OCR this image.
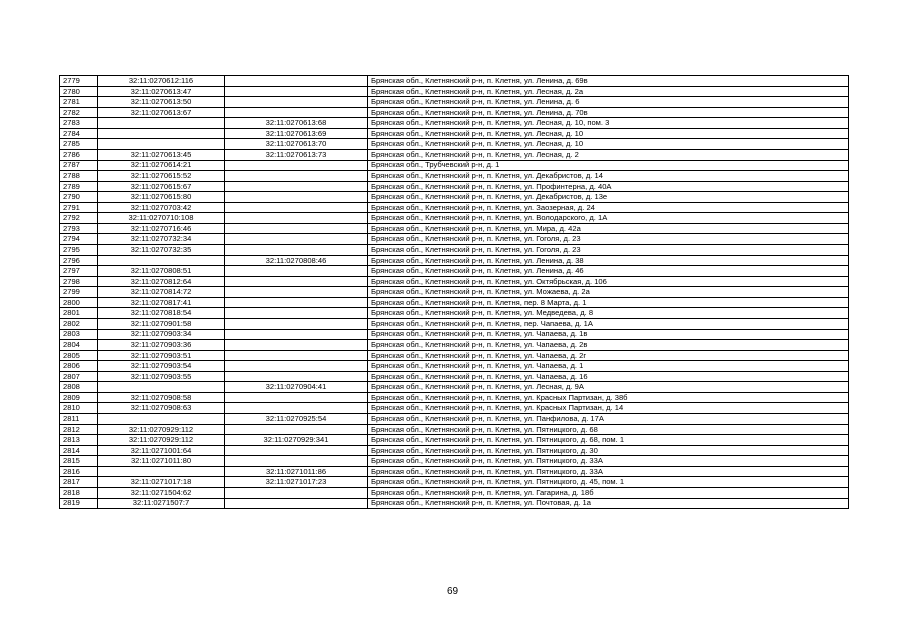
2779	32:11:0270612:116		Брянская обл., Клетнянский р-н, п. Клетня, ул. Ленина, д. 69в
2780	32:11:0270613:47		Брянская обл., Клетнянский р-н, п. Клетня, ул. Лесная, д. 2а
2781	32:11:0270613:50		Брянская обл., Клетнянский р-н, п. Клетня, ул. Ленина, д. 6
2782	32:11:0270613:67		Брянская обл., Клетнянский р-н, п. Клетня, ул. Ленина, д. 70в
2783		32:11:0270613:68	Брянская обл., Клетнянский р-н, п. Клетня, ул. Лесная, д. 10, пом. 3
2784		32:11:0270613:69	Брянская обл., Клетнянский р-н, п. Клетня, ул. Лесная, д. 10
2785		32:11:0270613:70	Брянская обл., Клетнянский р-н, п. Клетня, ул. Лесная, д. 10
2786	32:11:0270613:45	32:11:0270613:73	Брянская обл., Клетнянский р-н, п. Клетня, ул. Лесная, д. 2
2787	32:11:0270614:21		Брянская обл., Трубчевский р-н, д. 1
2788	32:11:0270615:52		Брянская обл., Клетнянский р-н, п. Клетня, ул. Декабристов, д. 14
2789	32:11:0270615:67		Брянская обл., Клетнянский р-н, п. Клетня, ул. Профинтерна, д. 40А
2790	32:11:0270615:80		Брянская обл., Клетнянский р-н, п. Клетня, ул. Декабристов, д. 13е
2791	32:11:0270703:42		Брянская обл., Клетнянский р-н, п. Клетня, ул. Заозерная, д. 24
2792	32:11:0270710:108		Брянская обл., Клетнянский р-н, п. Клетня, ул. Володарского, д. 1А
2793	32:11:0270716:46		Брянская обл., Клетнянский р-н, п. Клетня, ул. Мира, д. 42а
2794	32:11:0270732:34		Брянская обл., Клетнянский р-н, п. Клетня, ул. Гоголя, д. 23
2795	32:11:0270732:35		Брянская обл., Клетнянский р-н, п. Клетня, ул. Гоголя, д. 23
2796		32:11:0270808:46	Брянская обл., Клетнянский р-н, п. Клетня, ул. Ленина, д. 38
2797	32:11:0270808:51		Брянская обл., Клетнянский р-н, п. Клетня, ул. Ленина, д. 46
2798	32:11:0270812:64		Брянская обл., Клетнянский р-н, п. Клетня, ул. Октябрьская, д. 106
2799	32:11:0270814:72		Брянская обл., Клетнянский р-н, п. Клетня, ул. Можаева, д. 2а
2800	32:11:0270817:41		Брянская обл., Клетнянский р-н, п. Клетня, пер. 8 Марта, д. 1
2801	32:11:0270818:54		Брянская обл., Клетнянский р-н, п. Клетня, ул. Медведева, д. 8
2802	32:11:0270901:58		Брянская обл., Клетнянский р-н, п. Клетня, пер. Чапаева, д. 1А
2803	32:11:0270903:34		Брянская обл., Клетнянский р-н, п. Клетня, ул. Чапаева, д. 1в
2804	32:11:0270903:36		Брянская обл., Клетнянский р-н, п. Клетня, ул. Чапаева, д. 2в
2805	32:11:0270903:51		Брянская обл., Клетнянский р-н, п. Клетня, ул. Чапаева, д. 2г
2806	32:11:0270903:54		Брянская обл., Клетнянский р-н, п. Клетня, ул. Чапаева, д. 1
2807	32:11:0270903:55		Брянская обл., Клетнянский р-н, п. Клетня, ул. Чапаева, д. 16
2808		32:11:0270904:41	Брянская обл., Клетнянский р-н, п. Клетня, ул. Лесная, д. 9А
2809	32:11:0270908:58		Брянская обл., Клетнянский р-н, п. Клетня, ул. Красных Партизан, д. 38б
2810	32:11:0270908:63		Брянская обл., Клетнянский р-н, п. Клетня, ул. Красных Партизан, д. 14
2811		32:11:0270925:54	Брянская обл., Клетнянский р-н, п. Клетня, ул. Панфилова, д. 17А
2812	32:11:0270929:112		Брянская обл., Клетнянский р-н, п. Клетня, ул. Пятницкого, д. 68
2813	32:11:0270929:112	32:11:0270929:341	Брянская обл., Клетнянский р-н, п. Клетня, ул. Пятницкого, д. 68, пом. 1
2814	32:11:0271001:64		Брянская обл., Клетнянский р-н, п. Клетня, ул. Пятницкого, д. 30
2815	32:11:0271011:80		Брянская обл., Клетнянский р-н, п. Клетня, ул. Пятницкого, д. 33А
2816		32:11:0271011:86	Брянская обл., Клетнянский р-н, п. Клетня, ул. Пятницкого, д. 33А
2817	32:11:0271017:18	32:11:0271017:23	Брянская обл., Клетнянский р-н, п. Клетня, ул. Пятницкого, д. 45, пом. 1
2818	32:11:0271504:62		Брянская обл., Клетнянский р-н, п. Клетня, ул. Гагарина, д. 18б
2819	32:11:0271507:7		Брянская обл., Клетнянский р-н, п. Клетня, ул. Почтовая, д. 1а
69
